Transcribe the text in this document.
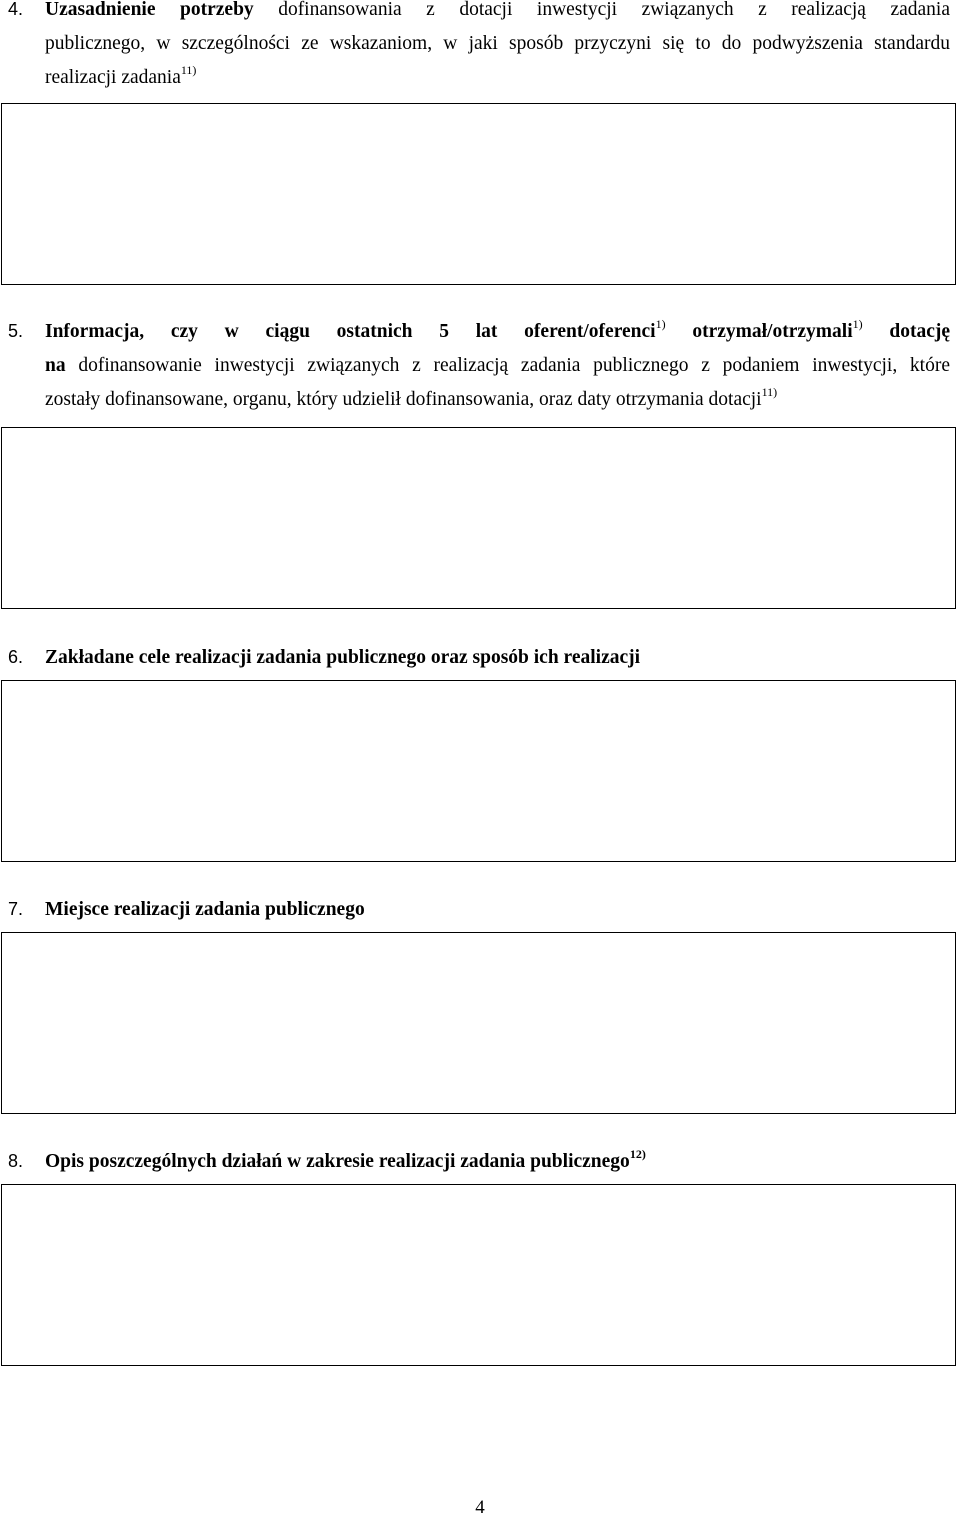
4. Uzasadnienie potrzeby dofinansowania z dotacji inwestycji związanych z realizacją zadania
publicznego, w szczególności ze wskazaniom, w jaki sposób przyczyni się to do podwyższenia standardu
realizacji zadania$^{11)}$
5. Informacja, czy w ciągu ostatnich 5 lat oferent/oferenci$^{1)}$ otrzymał/otrzymali$^{1)}$ dotację
na dofinansowanie inwestycji związanych z realizacją zadania publicznego z podaniem inwestycji, które
zostały dofinansowane, organu, który udzielił dofinansowania, oraz daty otrzymania dotacji$^{11)}$
6. Zakładane cele realizacji zadania publicznego oraz sposób ich realizacji
7. Miejsce realizacji zadania publicznego
8. Opis poszczególnych działań w zakresie realizacji zadania publicznego$^{12)}$
4
